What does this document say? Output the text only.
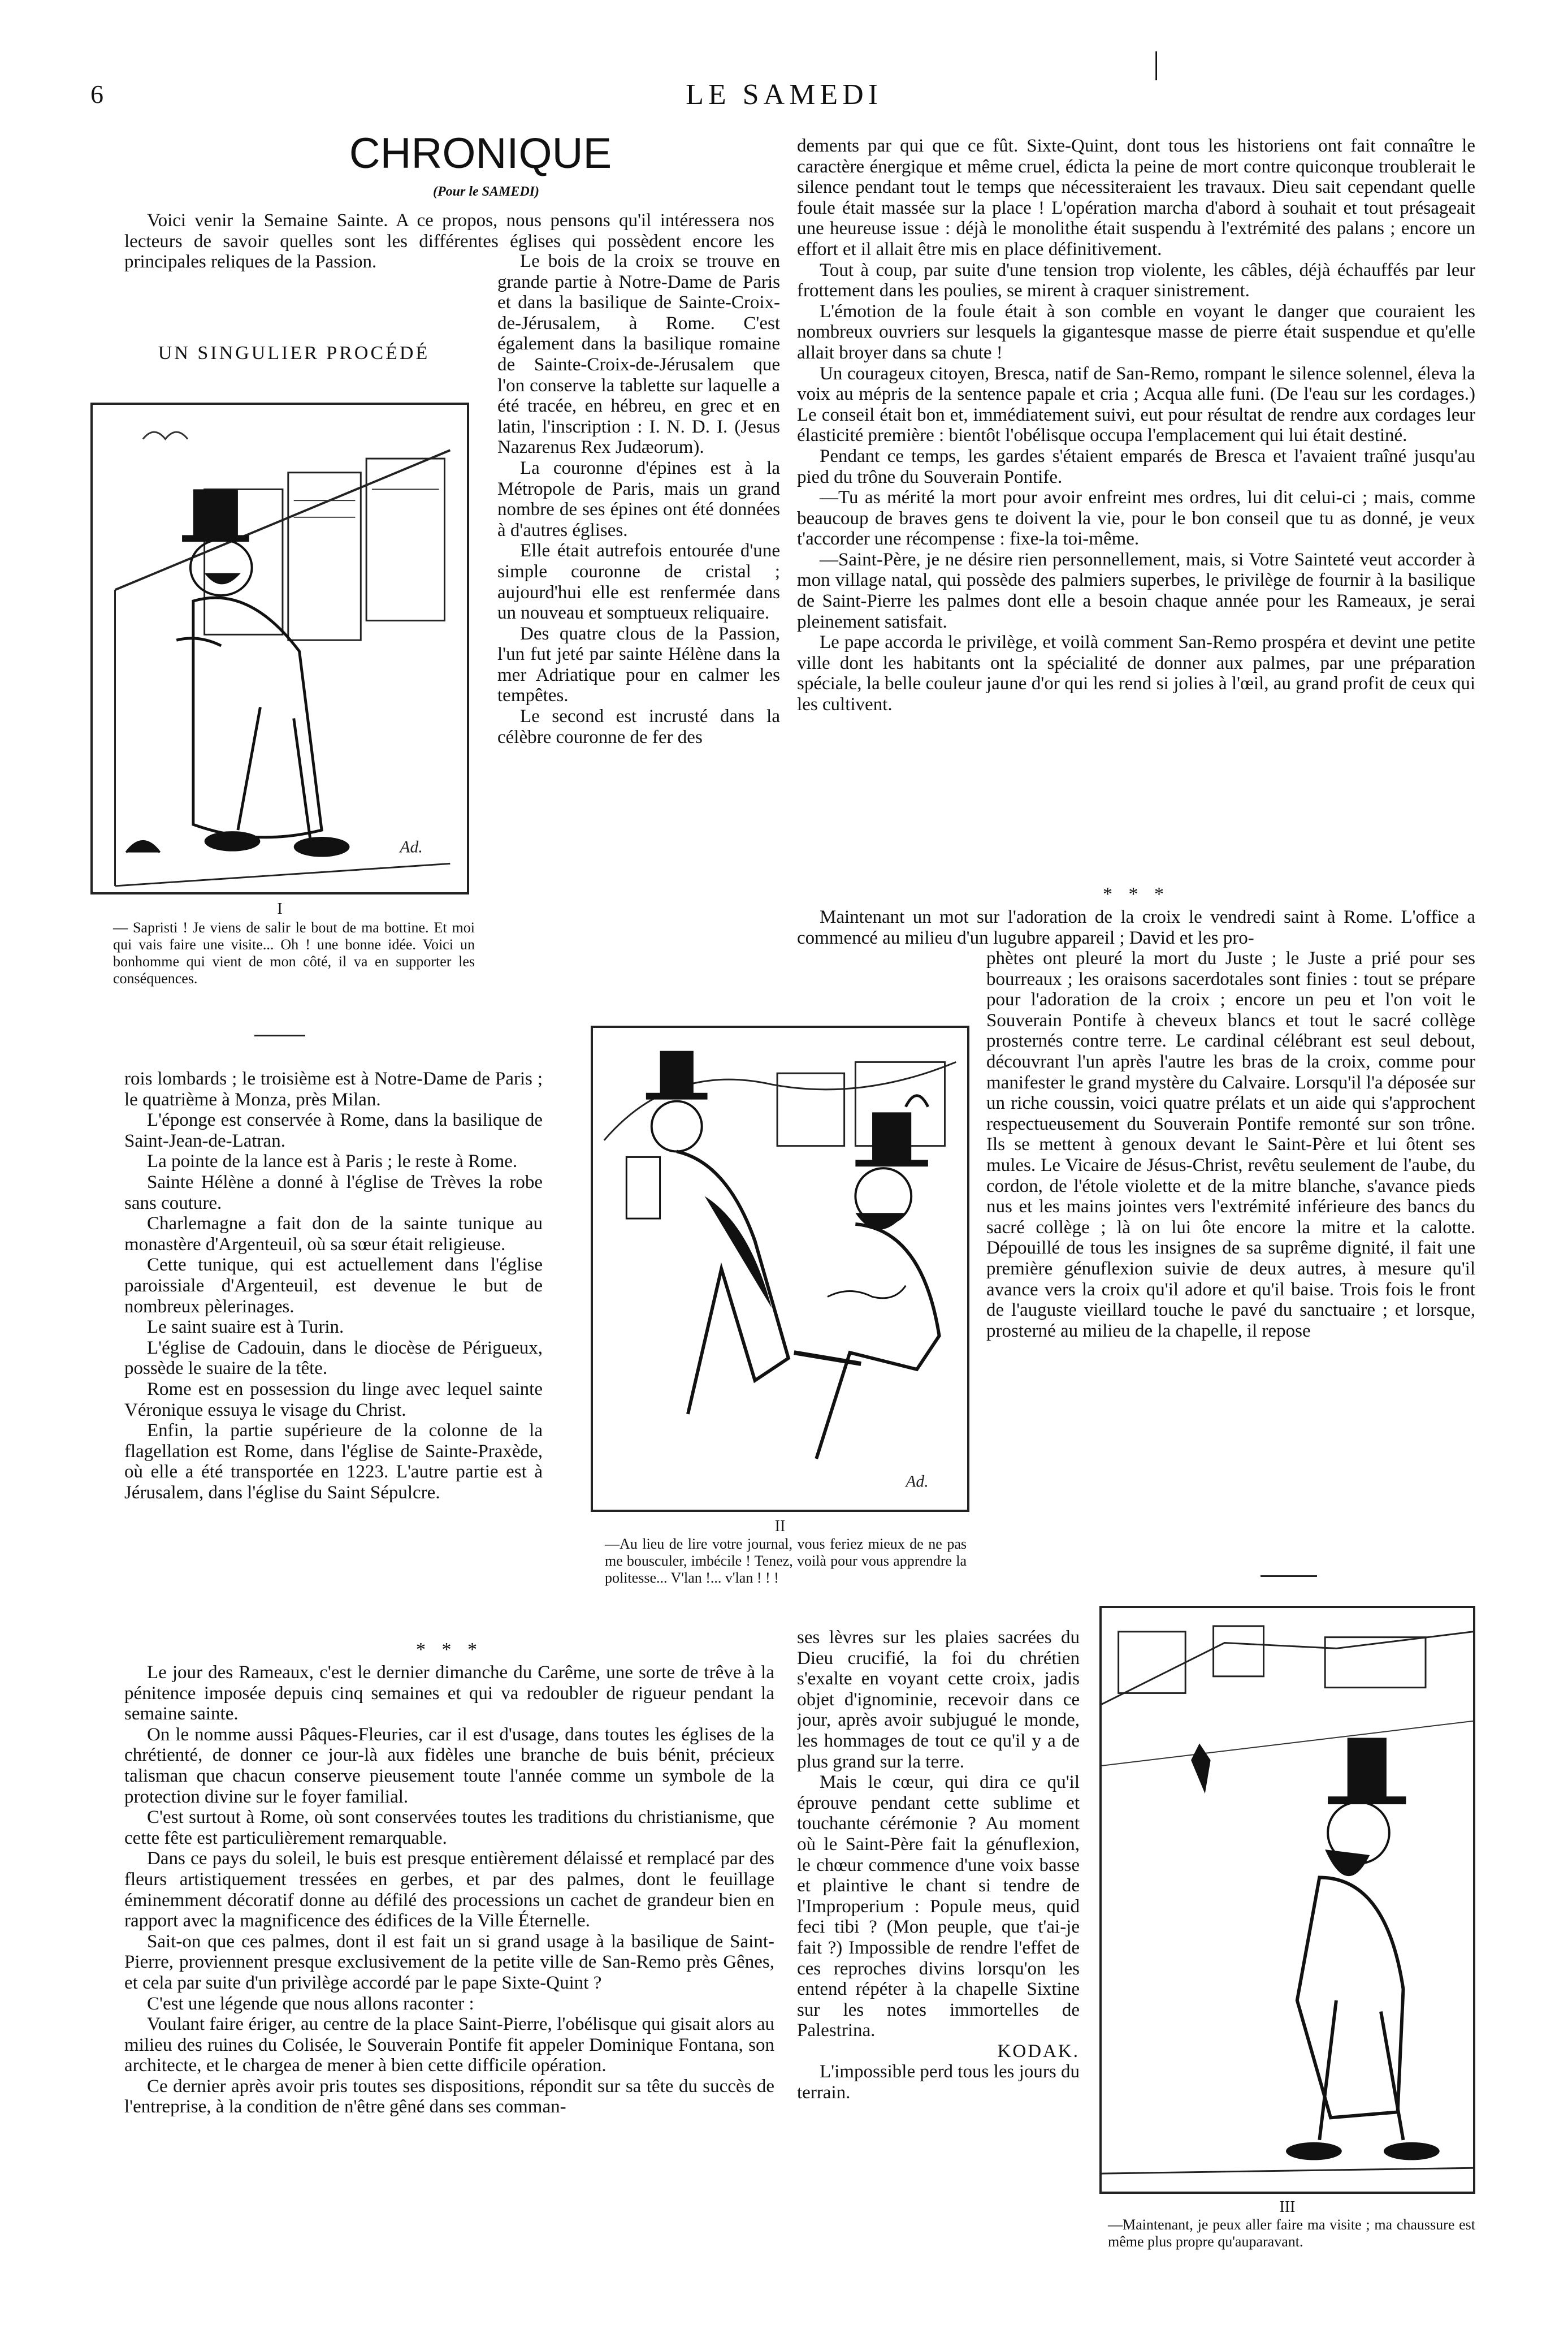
6	LE SAMEDI
|
CHRONIQUE
(Pour le SAMEDI)

Voici venir la Semaine Sainte. A ce propos, nous pensons qu'il intéressera nos lecteurs de savoir quelles sont les différentes églises qui possèdent encore les principales reliques de la Passion.

UN SINGULIER PROCÉDÉ
Ad.
I
— Sapristi ! Je viens de salir le bout de ma bottine. Et moi qui vais faire une visite... Oh ! une bonne idée. Voici un bonhomme qui vient de mon côté, il va en supporter les conséquences.

Le bois de la croix se trouve en grande partie à Notre-Dame de Paris et dans la basilique de Sainte-Croix-de-Jérusalem, à Rome. C'est également dans la basilique romaine de Sainte-Croix-de-Jérusalem que l'on conserve la tablette sur laquelle a été tracée, en hébreu, en grec et en latin, l'inscription : I. N. D. I. (Jesus Nazarenus Rex Judæorum).

La couronne d'épines est à la Métropole de Paris, mais un grand nombre de ses épines ont été données à d'autres églises.

Elle était autrefois entourée d'une simple couronne de cristal ; aujourd'hui elle est renfermée dans un nouveau et somptueux reliquaire.

Des quatre clous de la Passion, l'un fut jeté par sainte Hélène dans la mer Adriatique pour en calmer les tempêtes.

Le second est incrusté dans la célèbre couronne de fer des

rois lombards ; le troisième est à Notre-Dame de Paris ; le quatrième à Monza, près Milan.

L'éponge est conservée à Rome, dans la basilique de Saint-Jean-de-Latran.

La pointe de la lance est à Paris ; le reste à Rome.

Sainte Hélène a donné à l'église de Trèves la robe sans couture.

Charlemagne a fait don de la sainte tunique au monastère d'Argenteuil, où sa sœur était religieuse.

Cette tunique, qui est actuellement dans l'église paroissiale d'Argenteuil, est devenue le but de nombreux pèlerinages.

Le saint suaire est à Turin.

L'église de Cadouin, dans le diocèse de Périgueux, possède le suaire de la tête.

Rome est en possession du linge avec lequel sainte Véronique essuya le visage du Christ.

Enfin, la partie supérieure de la colonne de la flagellation est Rome, dans l'église de Sainte-Praxède, où elle a été transportée en 1223. L'autre partie est à Jérusalem, dans l'église du Saint Sépulcre.

Ad.
II
—Au lieu de lire votre journal, vous feriez mieux de ne pas me bousculer, imbécile ! Tenez, voilà pour vous apprendre la politesse... V'lan !... v'lan ! ! !
* * *

Le jour des Rameaux, c'est le dernier dimanche du Carême, une sorte de trêve à la pénitence imposée depuis cinq semaines et qui va redoubler de rigueur pendant la semaine sainte.

On le nomme aussi Pâques-Fleuries, car il est d'usage, dans toutes les églises de la chrétienté, de donner ce jour-là aux fidèles une branche de buis bénit, précieux talisman que chacun conserve pieusement toute l'année comme un symbole de la protection divine sur le foyer familial.

C'est surtout à Rome, où sont conservées toutes les traditions du christianisme, que cette fête est particulièrement remarquable.

Dans ce pays du soleil, le buis est presque entièrement délaissé et remplacé par des fleurs artistiquement tressées en gerbes, et par des palmes, dont le feuillage éminemment décoratif donne au défilé des processions un cachet de grandeur bien en rapport avec la magnificence des édifices de la Ville Éternelle.

Sait-on que ces palmes, dont il est fait un si grand usage à la basilique de Saint-Pierre, proviennent presque exclusivement de la petite ville de San-Remo près Gênes, et cela par suite d'un privilège accordé par le pape Sixte-Quint ?

C'est une légende que nous allons raconter :

Voulant faire ériger, au centre de la place Saint-Pierre, l'obélisque qui gisait alors au milieu des ruines du Colisée, le Souverain Pontife fit appeler Dominique Fontana, son architecte, et le chargea de mener à bien cette difficile opération.

Ce dernier après avoir pris toutes ses dispositions, répondit sur sa tête du succès de l'entreprise, à la condition de n'être gêné dans ses comman-

dements par qui que ce fût. Sixte-Quint, dont tous les historiens ont fait connaître le caractère énergique et même cruel, édicta la peine de mort contre quiconque troublerait le silence pendant tout le temps que nécessiteraient les travaux. Dieu sait cependant quelle foule était massée sur la place ! L'opération marcha d'abord à souhait et tout présageait une heureuse issue : déjà le monolithe était suspendu à l'extrémité des palans ; encore un effort et il allait être mis en place définitivement.

Tout à coup, par suite d'une tension trop violente, les câbles, déjà échauffés par leur frottement dans les poulies, se mirent à craquer sinistrement.

L'émotion de la foule était à son comble en voyant le danger que couraient les nombreux ouvriers sur lesquels la gigantesque masse de pierre était suspendue et qu'elle allait broyer dans sa chute !

Un courageux citoyen, Bresca, natif de San-Remo, rompant le silence solennel, éleva la voix au mépris de la sentence papale et cria ; Acqua alle funi. (De l'eau sur les cordages.) Le conseil était bon et, immédiatement suivi, eut pour résultat de rendre aux cordages leur élasticité première : bientôt l'obélisque occupa l'emplacement qui lui était destiné.

Pendant ce temps, les gardes s'étaient emparés de Bresca et l'avaient traîné jusqu'au pied du trône du Souverain Pontife.

—Tu as mérité la mort pour avoir enfreint mes ordres, lui dit celui-ci ; mais, comme beaucoup de braves gens te doivent la vie, pour le bon conseil que tu as donné, je veux t'accorder une récompense : fixe-la toi-même.

—Saint-Père, je ne désire rien personnellement, mais, si Votre Sainteté veut accorder à mon village natal, qui possède des palmiers superbes, le privilège de fournir à la basilique de Saint-Pierre les palmes dont elle a besoin chaque année pour les Rameaux, je serai pleinement satisfait.

Le pape accorda le privilège, et voilà comment San-Remo prospéra et devint une petite ville dont les habitants ont la spécialité de donner aux palmes, par une préparation spéciale, la belle couleur jaune d'or qui les rend si jolies à l'œil, au grand profit de ceux qui les cultivent.

* * *

Maintenant un mot sur l'adoration de la croix le vendredi saint à Rome. L'office a commencé au milieu d'un lugubre appareil ; David et les pro-

phètes ont pleuré la mort du Juste ; le Juste a prié pour ses bourreaux ; les oraisons sacerdotales sont finies : tout se prépare pour l'adoration de la croix ; encore un peu et l'on voit le Souverain Pontife à cheveux blancs et tout le sacré collège prosternés contre terre. Le cardinal célébrant est seul debout, découvrant l'un après l'autre les bras de la croix, comme pour manifester le grand mystère du Calvaire. Lorsqu'il l'a déposée sur un riche coussin, voici quatre prélats et un aide qui s'approchent respectueusement du Souverain Pontife remonté sur son trône. Ils se mettent à genoux devant le Saint-Père et lui ôtent ses mules. Le Vicaire de Jésus-Christ, revêtu seulement de l'aube, du cordon, de l'étole violette et de la mitre blanche, s'avance pieds nus et les mains jointes vers l'extrémité inférieure des bancs du sacré collège ; là on lui ôte encore la mitre et la calotte. Dépouillé de tous les insignes de sa suprême dignité, il fait une première génuflexion suivie de deux autres, à mesure qu'il avance vers la croix qu'il adore et qu'il baise. Trois fois le front de l'auguste vieillard touche le pavé du sanctuaire ; et lorsque, prosterné au milieu de la chapelle, il repose

ses lèvres sur les plaies sacrées du Dieu crucifié, la foi du chrétien s'exalte en voyant cette croix, jadis objet d'ignominie, recevoir dans ce jour, après avoir subjugué le monde, les hommages de tout ce qu'il y a de plus grand sur la terre.

Mais le cœur, qui dira ce qu'il éprouve pendant cette sublime et touchante cérémonie ? Au moment où le Saint-Père fait la génuflexion, le chœur commence d'une voix basse et plaintive le chant si tendre de l'Improperium : Popule meus, quid feci tibi ? (Mon peuple, que t'ai-je fait ?) Impossible de rendre l'effet de ces reproches divins lorsqu'on les entend répéter à la chapelle Sixtine sur les notes immortelles de Palestrina.

KODAK.

L'impossible perd tous les jours du terrain.

III
—Maintenant, je peux aller faire ma visite ; ma chaussure est même plus propre qu'auparavant.
